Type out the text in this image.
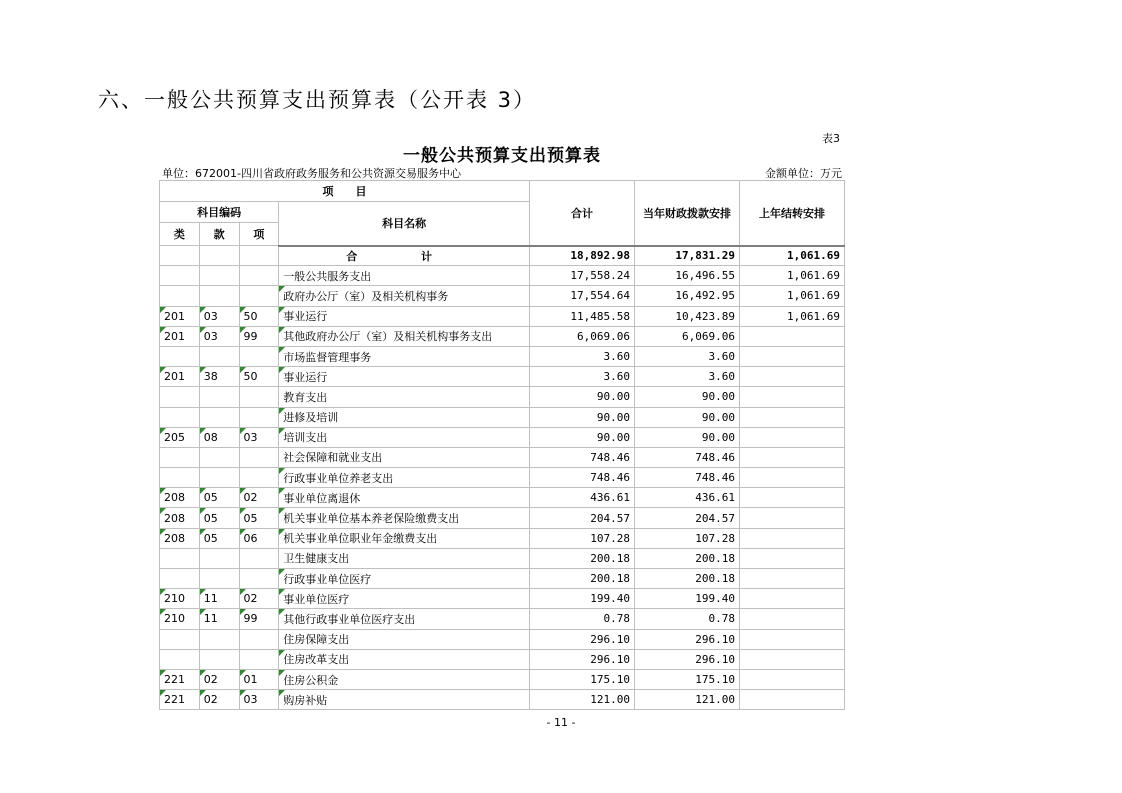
六、一般公共预算支出预算表（公开表 3）
表3
一般公共预算支出预算表
单位：672001-四川省政府政务服务和公共资源交易服务中心	金额单位：万元
项　　目				合计	当年财政拨款安排	上年结转安排
科目编码			科目名称			
类	款	项				
			合 计	18,892.98	17,831.29	1,061.69
			一般公共服务支出	17,558.24	16,496.55	1,061.69
			政府办公厅（室）及相关机构事务	17,554.64	16,492.95	1,061.69
201	03	50	事业运行	11,485.58	10,423.89	1,061.69
201	03	99	其他政府办公厅（室）及相关机构事务支出	6,069.06	6,069.06	
			市场监督管理事务	3.60	3.60	
201	38	50	事业运行	3.60	3.60	
			教育支出	90.00	90.00	
			进修及培训	90.00	90.00	
205	08	03	培训支出	90.00	90.00	
			社会保障和就业支出	748.46	748.46	
			行政事业单位养老支出	748.46	748.46	
208	05	02	事业单位离退休	436.61	436.61	
208	05	05	机关事业单位基本养老保险缴费支出	204.57	204.57	
208	05	06	机关事业单位职业年金缴费支出	107.28	107.28	
			卫生健康支出	200.18	200.18	
			行政事业单位医疗	200.18	200.18	
210	11	02	事业单位医疗	199.40	199.40	
210	11	99	其他行政事业单位医疗支出	0.78	0.78	
			住房保障支出	296.10	296.10	
			住房改革支出	296.10	296.10	
221	02	01	住房公积金	175.10	175.10	
221	02	03	购房补贴	121.00	121.00	
- 11 -
